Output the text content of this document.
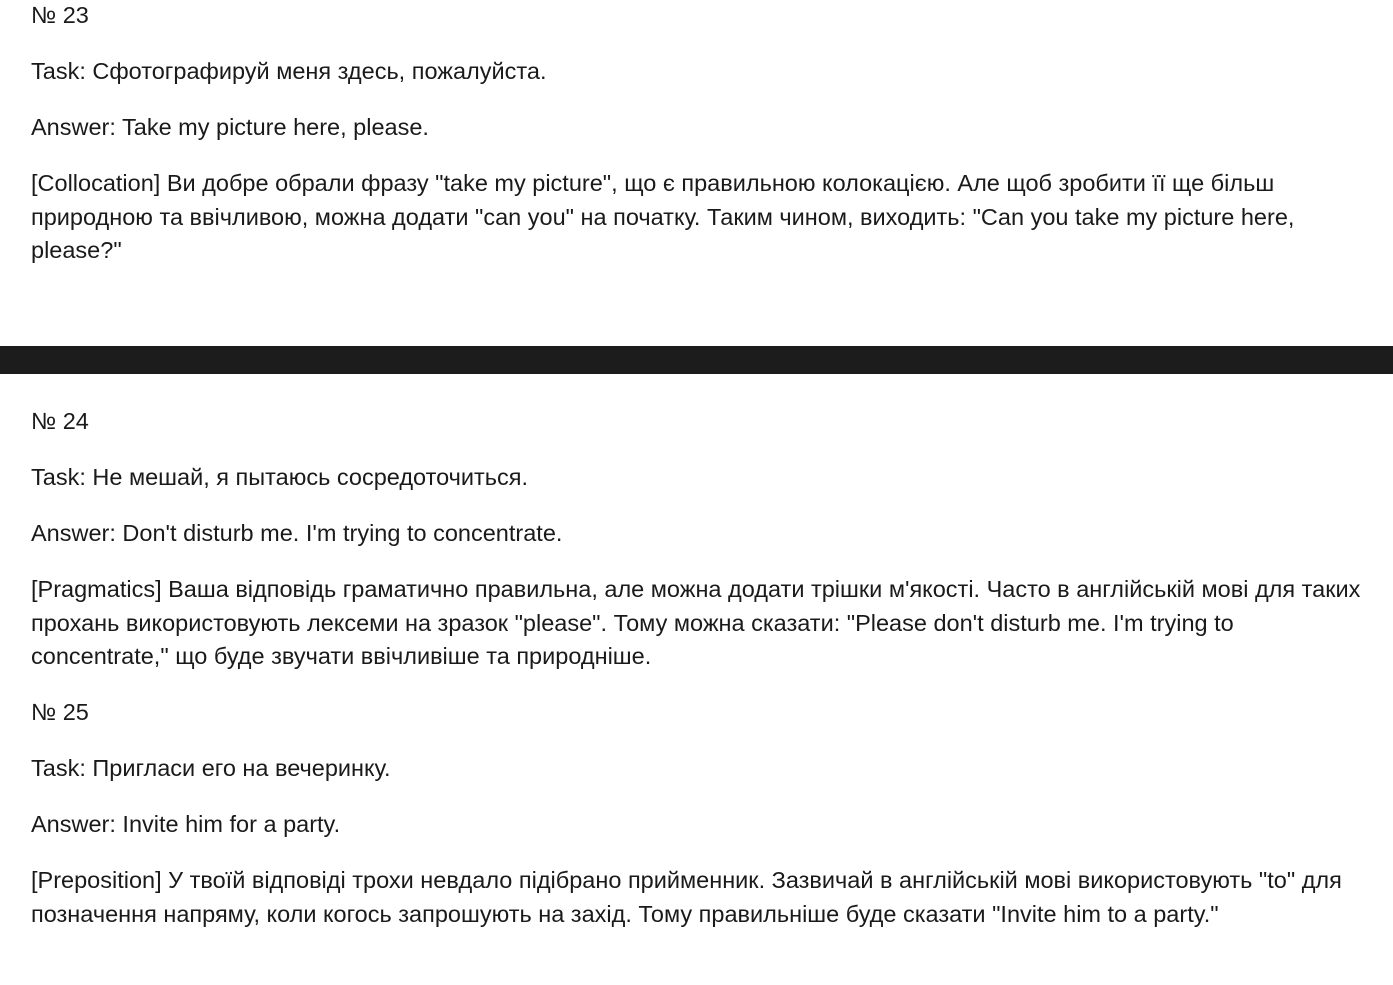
№ 23
Task: Сфотографируй меня здесь, пожалуйста.
Answer: Take my picture here, please.
[Collocation] Ви добре обрали фразу "take my picture", що є правильною колокацією. Але щоб зробити її ще більш природною та ввічливою, можна додати "can you" на початку. Таким чином, виходить: "Can you take my picture here, please?"
№ 24
Task: Не мешай, я пытаюсь сосредоточиться.
Answer: Don't disturb me. I'm trying to concentrate.
[Pragmatics] Ваша відповідь граматично правильна, але можна додати трішки м'якості. Часто в англійській мові для таких прохань використовують лексеми на зразок "please". Тому можна сказати: "Please don't disturb me. I'm trying to concentrate," що буде звучати ввічливіше та природніше.
№ 25
Task: Пригласи его на вечеринку.
Answer: Invite him for a party.
[Preposition] У твоїй відповіді трохи невдало підібрано прийменник. Зазвичай в англійській мові використовують "to" для позначення напряму, коли когось запрошують на захід. Тому правильніше буде сказати "Invite him to a party."
